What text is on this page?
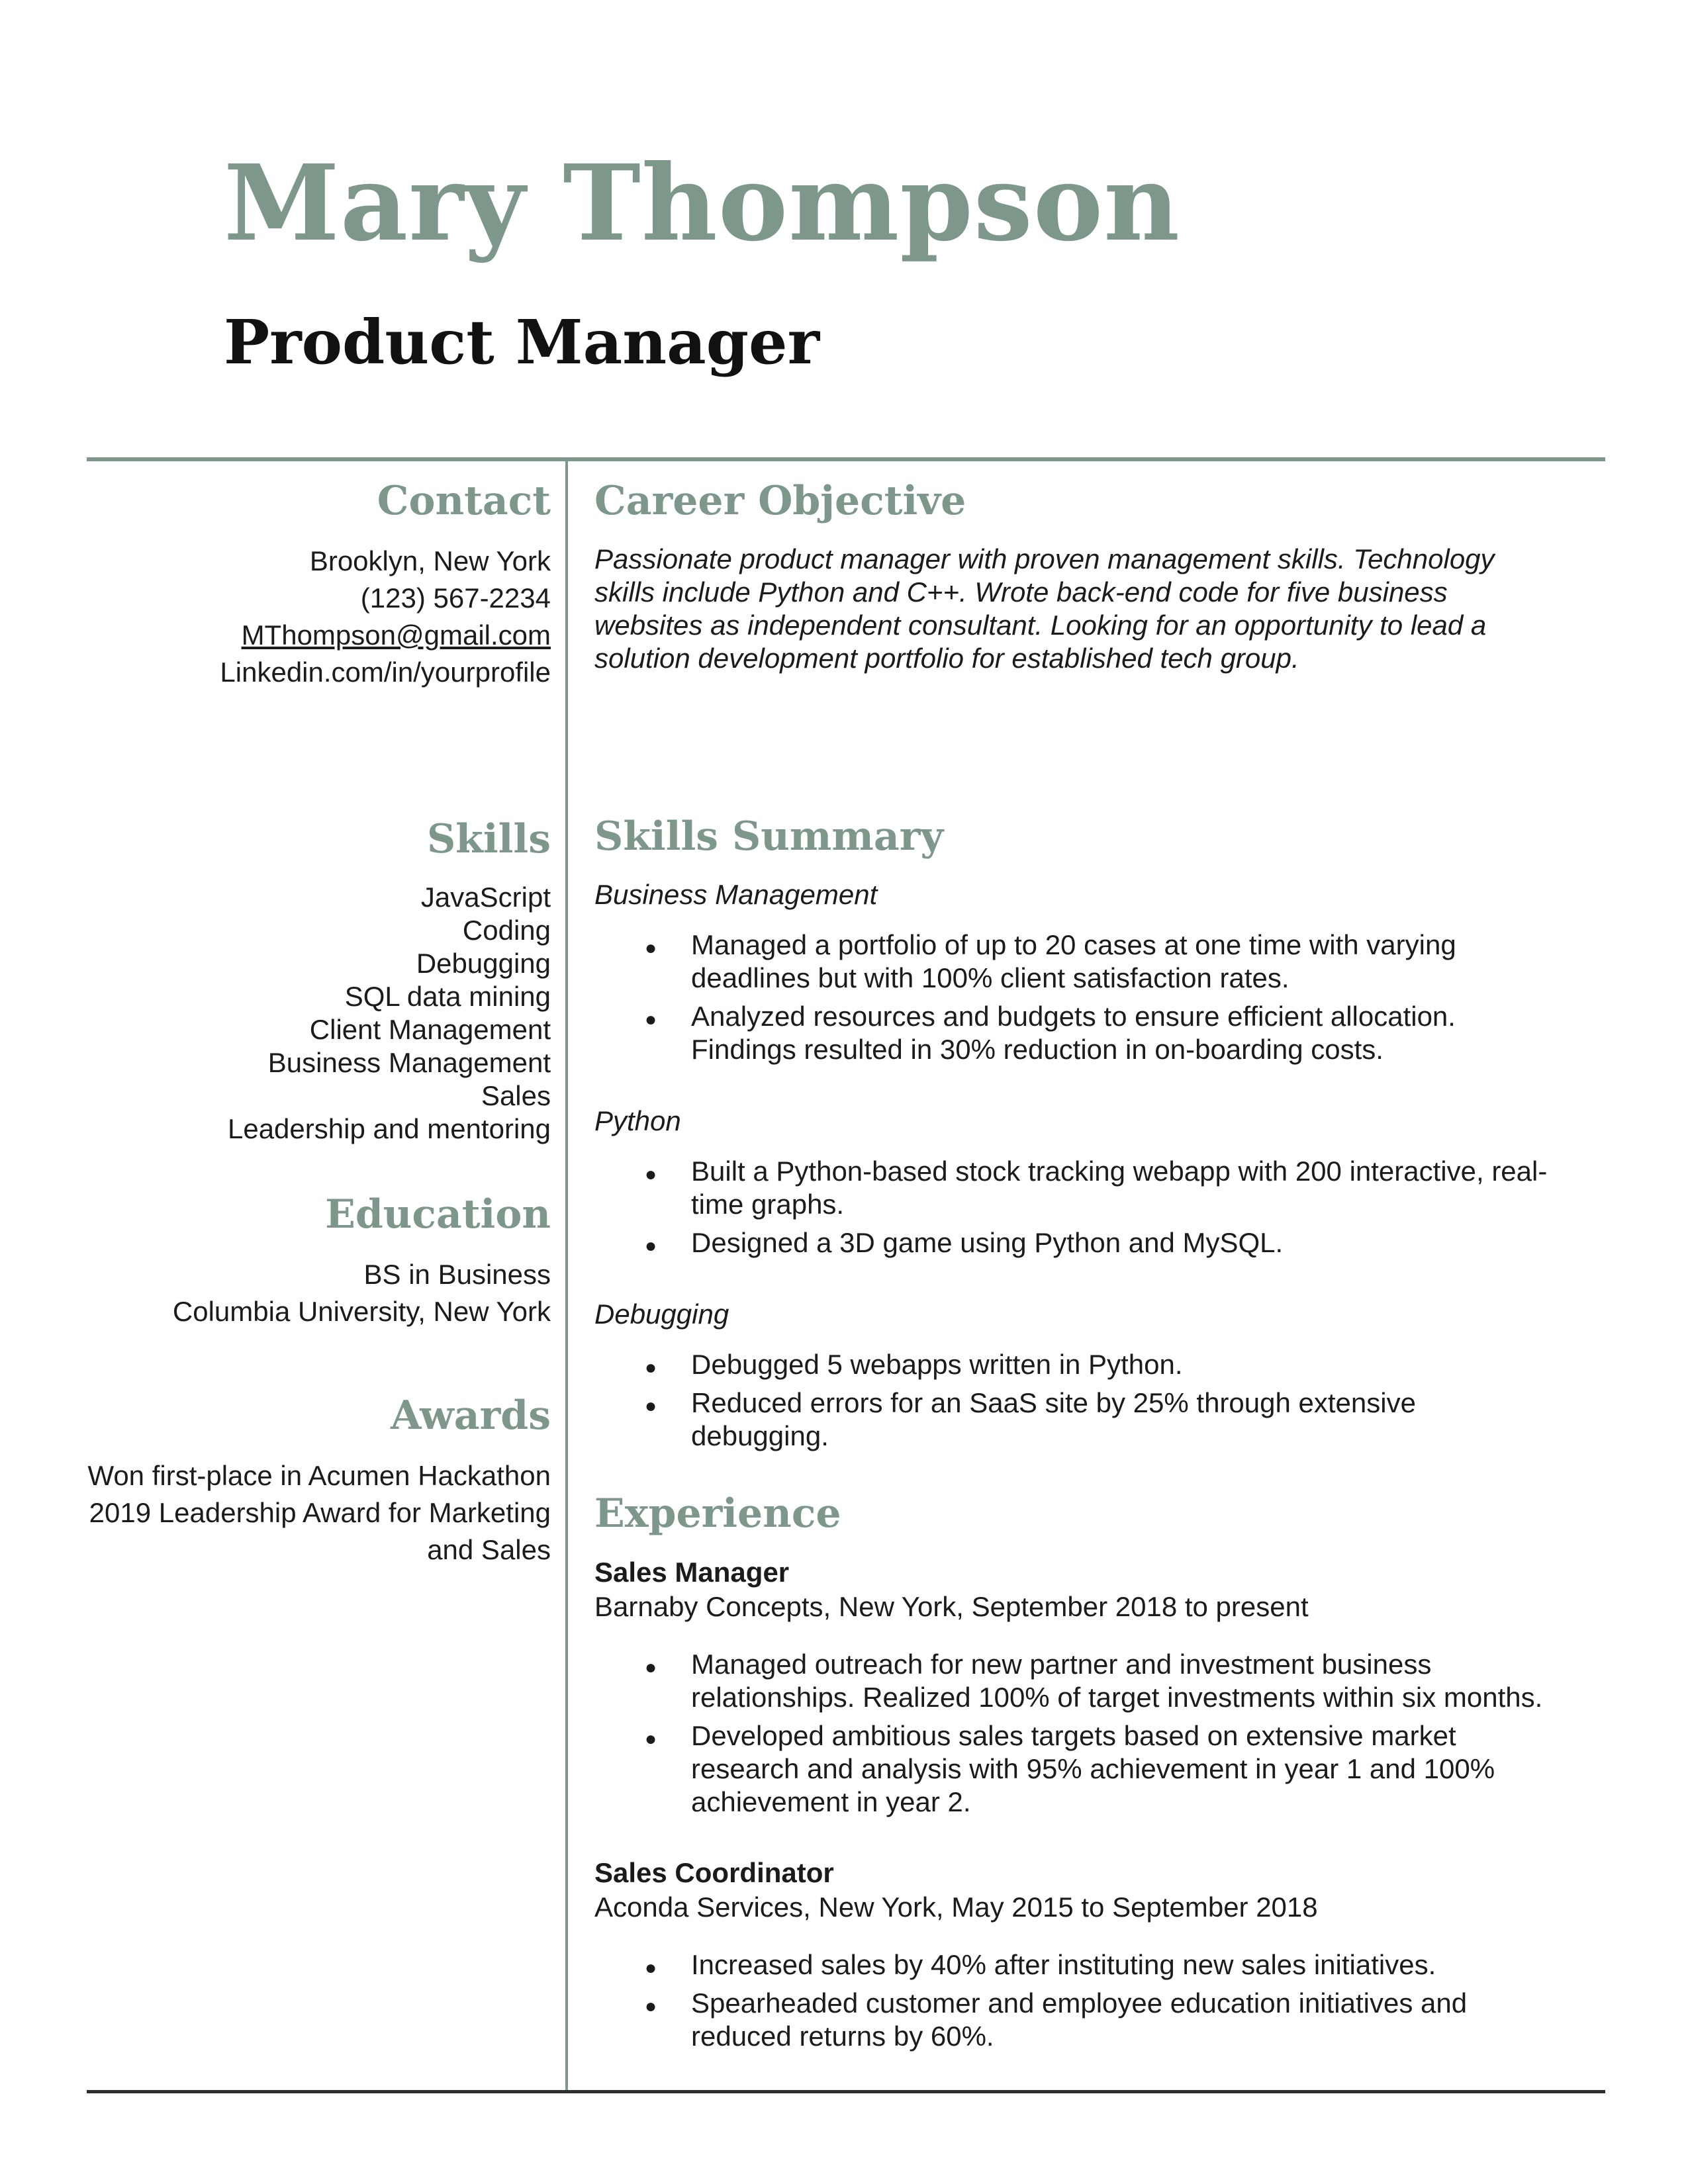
Mary Thompson
Product Manager
Contact
Brooklyn, New York
(123) 567-2234
MThompson@gmail.com
Linkedin.com/in/yourprofile
Skills
JavaScript
Coding
Debugging
SQL data mining
Client Management
Business Management
Sales
Leadership and mentoring
Education
BS in Business
Columbia University, New York
Awards
Won first-place in Acumen Hackathon
2019 Leadership Award for Marketing and Sales
Career Objective

Passionate product manager with proven management skills. Technology skills include Python and C++. Wrote back-end code for five business websites as independent consultant. Looking for an opportunity to lead a solution development portfolio for established tech group.

Skills Summary
Business Management
●
Managed a portfolio of up to 20 cases at one time with varying deadlines but with 100% client satisfaction rates.
●
Analyzed resources and budgets to ensure efficient allocation. Findings resulted in 30% reduction in on-boarding costs.
Python
●
Built a Python-based stock tracking webapp with 200 interactive, real-time graphs.
●
Designed a 3D game using Python and MySQL.
Debugging
●
Debugged 5 webapps written in Python.
●
Reduced errors for an SaaS site by 25% through extensive debugging.
Experience
Sales Manager
Barnaby Concepts, New York, September 2018 to present
●
Managed outreach for new partner and investment business relationships. Realized 100% of target investments within six months.
●
Developed ambitious sales targets based on extensive market research and analysis with 95% achievement in year 1 and 100% achievement in year 2.
Sales Coordinator
Aconda Services, New York, May 2015 to September 2018
●
Increased sales by 40% after instituting new sales initiatives.
●
Spearheaded customer and employee education initiatives and reduced returns by 60%.
